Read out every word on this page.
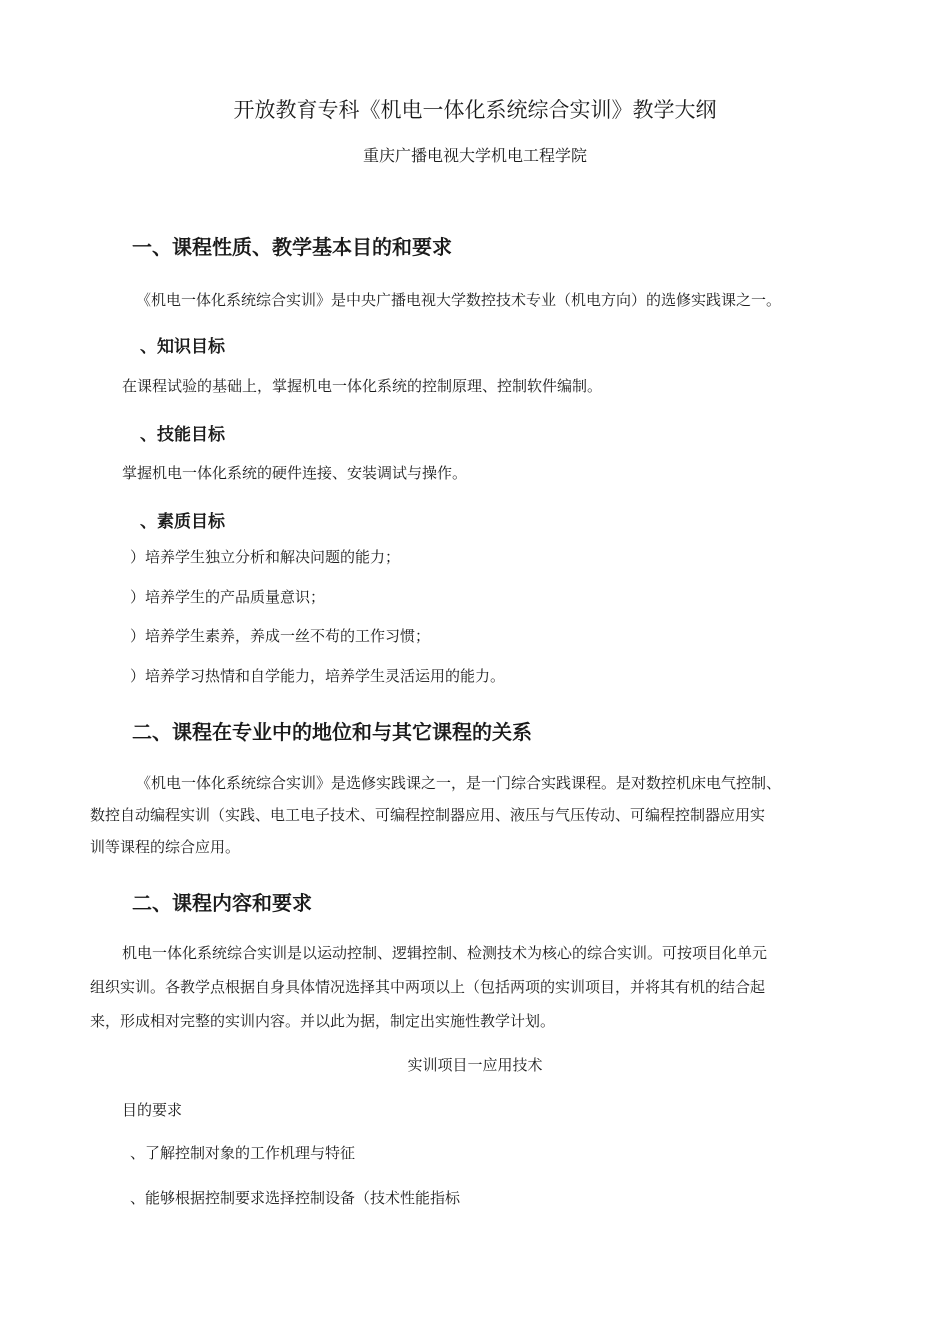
开放教育专科《机电一体化系统综合实训》教学大纲
重庆广播电视大学机电工程学院
一、课程性质、教学基本目的和要求
《机电一体化系统综合实训》是中央广播电视大学数控技术专业（机电方向）的选修实践课之一。
、知识目标
在课程试验的基础上，掌握机电一体化系统的控制原理、控制软件编制。
、技能目标
掌握机电一体化系统的硬件连接、安装调试与操作。
、素质目标
）培养学生独立分析和解决问题的能力；
）培养学生的产品质量意识；
）培养学生素养，养成一丝不苟的工作习惯；
）培养学习热情和自学能力，培养学生灵活运用的能力。
二、课程在专业中的地位和与其它课程的关系
《机电一体化系统综合实训》是选修实践课之一，是一门综合实践课程。是对数控机床电气控制、
数控自动编程实训（实践、电工电子技术、可编程控制器应用、液压与气压传动、可编程控制器应用实
训等课程的综合应用。
二、课程内容和要求
机电一体化系统综合实训是以运动控制、逻辑控制、检测技术为核心的综合实训。可按项目化单元
组织实训。各教学点根据自身具体情况选择其中两项以上（包括两项的实训项目，并将其有机的结合起
来，形成相对完整的实训内容。并以此为据，制定出实施性教学计划。
实训项目一应用技术
目的要求
、了解控制对象的工作机理与特征
、能够根据控制要求选择控制设备（技术性能指标
